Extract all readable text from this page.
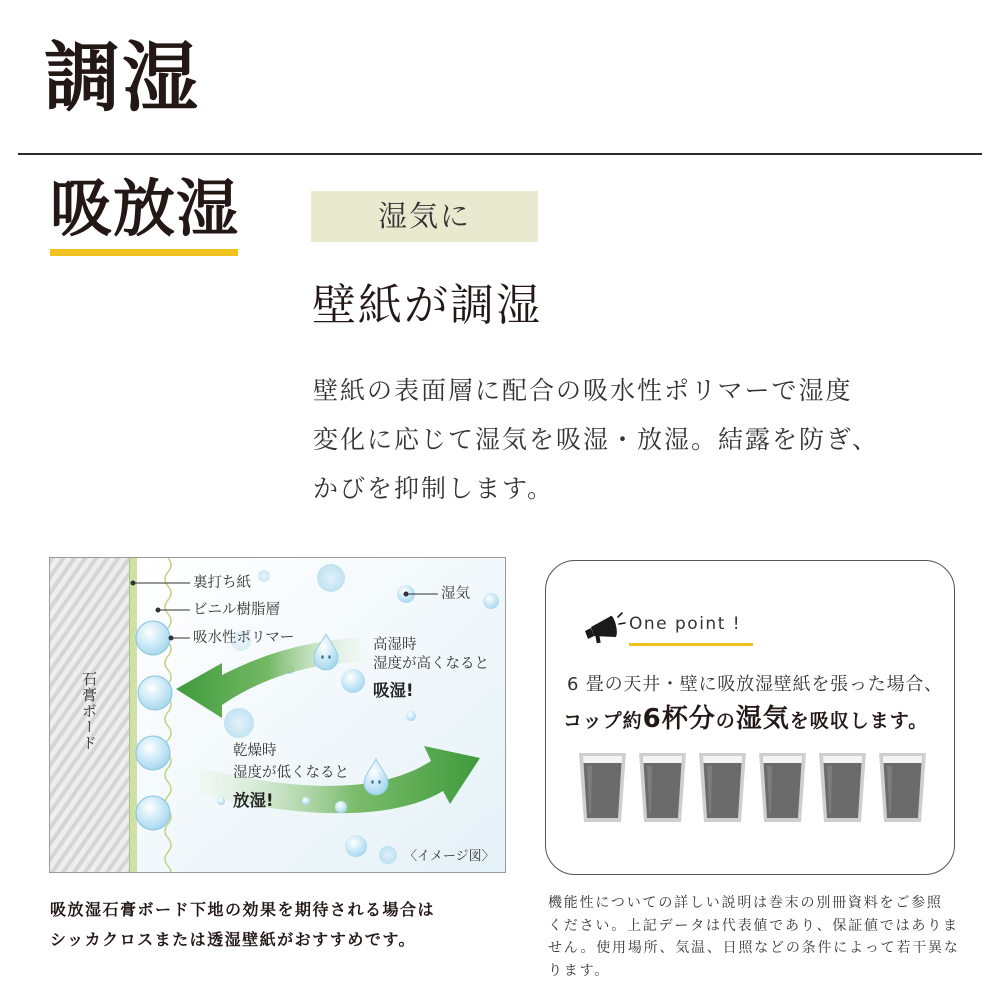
調湿
吸放湿	湿気に
壁紙が調湿
壁紙の表面層に配合の吸水性ポリマーで湿度
変化に応じて湿気を吸湿・放湿。結露を防ぎ、
かびを抑制します。
石膏ボード
裏打ち紙
ビニル樹脂層
吸水性ポリマー
湿気
高湿時
湿度が高くなると
吸湿!
乾燥時
湿度が低くなると
放湿!
〈イメージ図〉
吸放湿石膏ボード下地の効果を期待される場合は
シッカクロスまたは透湿壁紙がおすすめです。
One point !
6 畳の天井・壁に吸放湿壁紙を張った場合、
コップ約6杯分の湿気を吸収します。
機能性についての詳しい説明は巻末の別冊資料をご参照
ください。上記データは代表値であり、保証値ではありま
せん。使用場所、気温、日照などの条件によって若干異な
ります。
